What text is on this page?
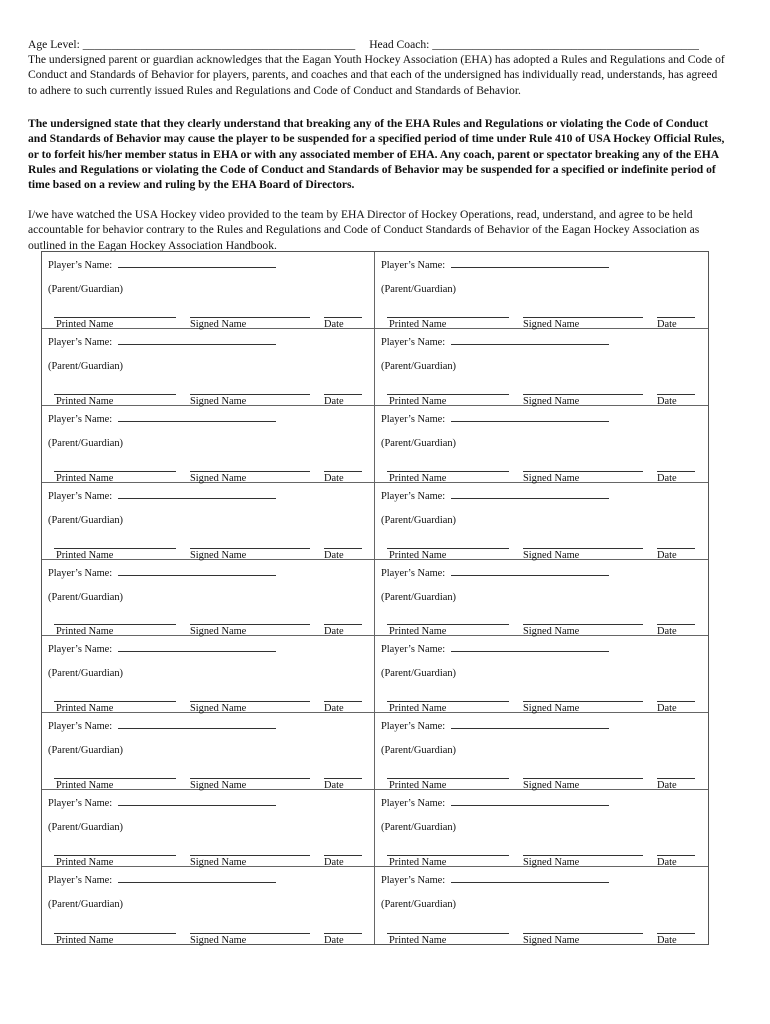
Age Level: _______________________________________________ Head Coach: ______________________________________________
The undersigned parent or guardian acknowledges that the Eagan Youth Hockey Association (EHA) has adopted a Rules and Regulations and Code of Conduct and Standards of Behavior for players, parents, and coaches and that each of the undersigned has individually read, understands, has agreed to adhere to such currently issued Rules and Regulations and Code of Conduct and Standards of Behavior.
The undersigned state that they clearly understand that breaking any of the EHA Rules and Regulations or violating the Code of Conduct and Standards of Behavior may cause the player to be suspended for a specified period of time under Rule 410 of USA Hockey Official Rules, or to forfeit his/her member status in EHA or with any associated member of EHA. Any coach, parent or spectator breaking any of the EHA Rules and Regulations or violating the Code of Conduct and Standards of Behavior may be suspended for a specified or indefinite period of time based on a review and ruling by the EHA Board of Directors.
I/we have watched the USA Hockey video provided to the team by EHA Director of Hockey Operations, read, understand, and agree to be held accountable for behavior contrary to the Rules and Regulations and Code of Conduct Standards of Behavior of the Eagan Hockey Association as outlined in the Eagan Hockey Association Handbook.
Player’s Name:
(Parent/Guardian)
Printed Name	Signed Name	Date
Player’s Name:
(Parent/Guardian)
Printed Name	Signed Name	Date
Player’s Name:
(Parent/Guardian)
Printed Name	Signed Name	Date
Player’s Name:
(Parent/Guardian)
Printed Name	Signed Name	Date
Player’s Name:
(Parent/Guardian)
Printed Name	Signed Name	Date
Player’s Name:
(Parent/Guardian)
Printed Name	Signed Name	Date
Player’s Name:
(Parent/Guardian)
Printed Name	Signed Name	Date
Player’s Name:
(Parent/Guardian)
Printed Name	Signed Name	Date
Player’s Name:
(Parent/Guardian)
Printed Name	Signed Name	Date
Player’s Name:
(Parent/Guardian)
Printed Name	Signed Name	Date
Player’s Name:
(Parent/Guardian)
Printed Name	Signed Name	Date
Player’s Name:
(Parent/Guardian)
Printed Name	Signed Name	Date
Player’s Name:
(Parent/Guardian)
Printed Name	Signed Name	Date
Player’s Name:
(Parent/Guardian)
Printed Name	Signed Name	Date
Player’s Name:
(Parent/Guardian)
Printed Name	Signed Name	Date
Player’s Name:
(Parent/Guardian)
Printed Name	Signed Name	Date
Player’s Name:
(Parent/Guardian)
Printed Name	Signed Name	Date
Player’s Name:
(Parent/Guardian)
Printed Name	Signed Name	Date
